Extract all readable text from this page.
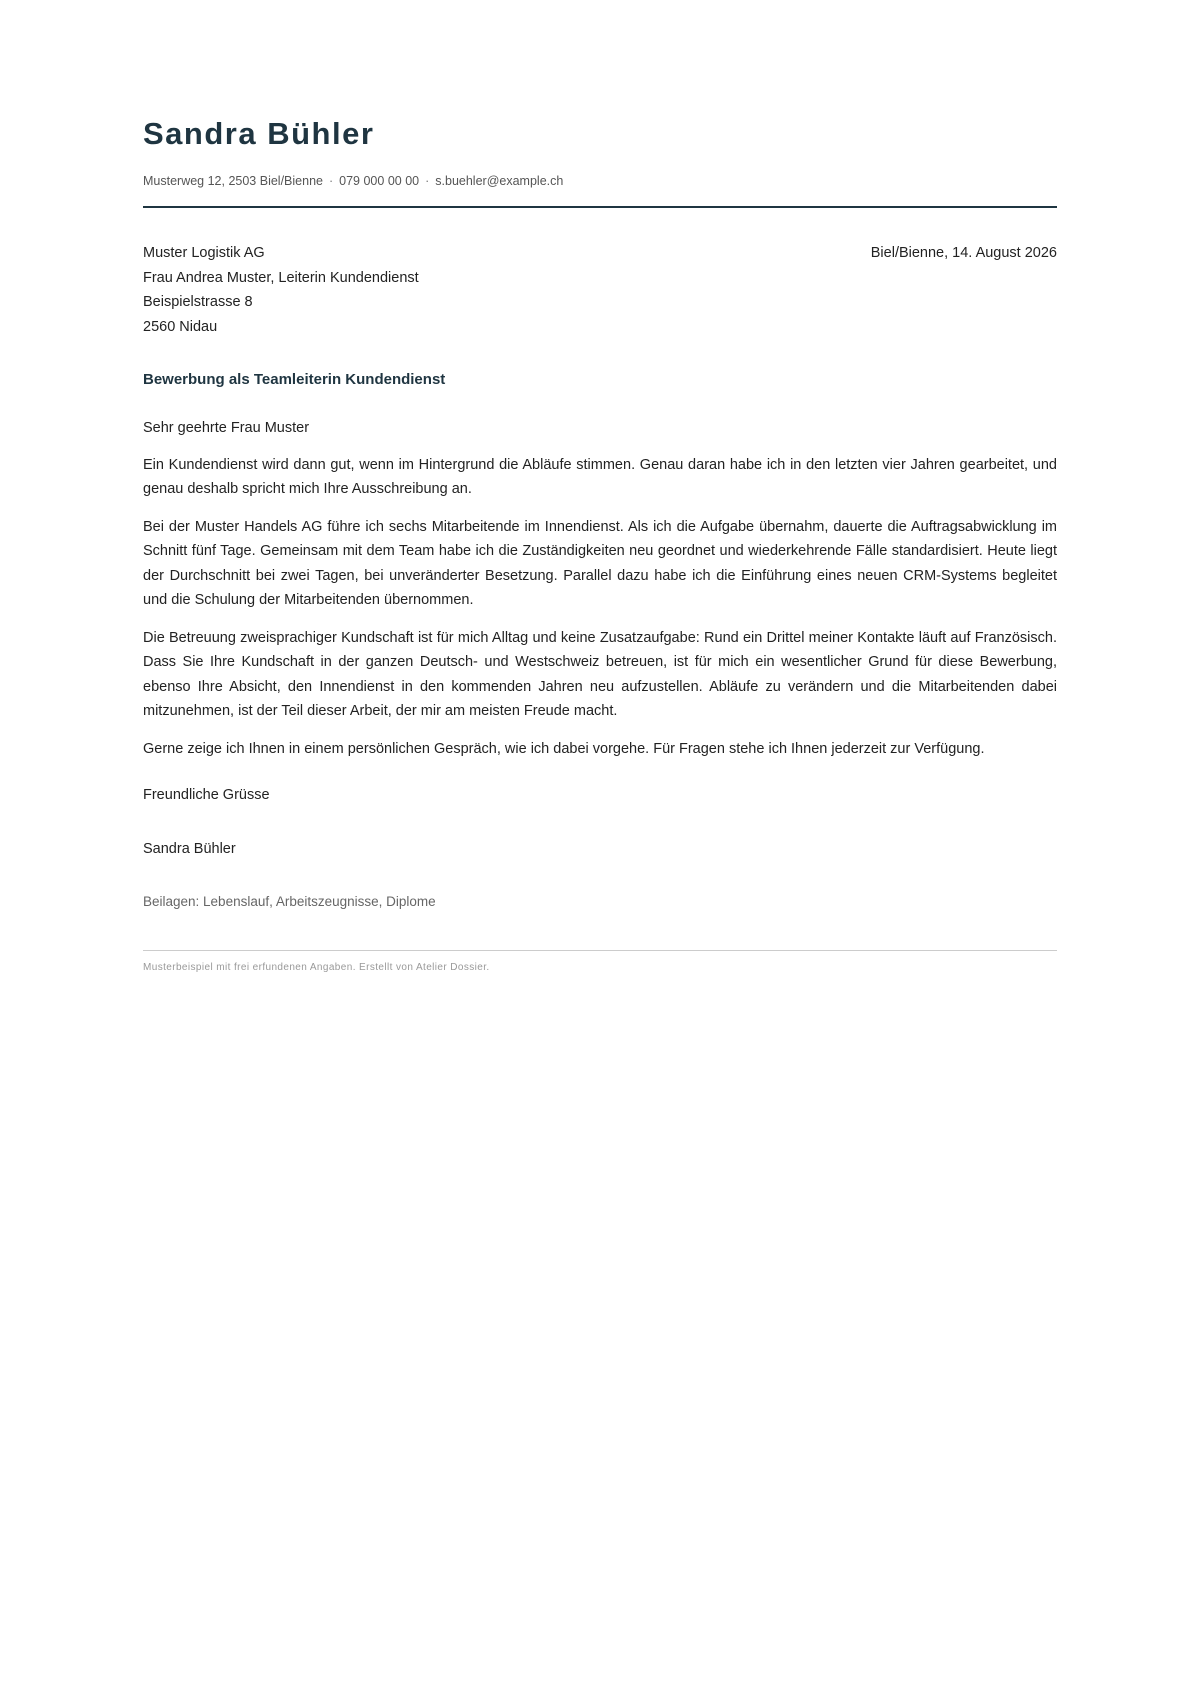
Sandra Bühler
Musterweg 12, 2503 Biel/Bienne · 079 000 00 00 · s.buehler@example.ch
Muster Logistik AG
Frau Andrea Muster, Leiterin Kundendienst
Beispielstrasse 8
2560 Nidau
Biel/Bienne, 14. August 2026
Bewerbung als Teamleiterin Kundendienst

Sehr geehrte Frau Muster

Ein Kundendienst wird dann gut, wenn im Hintergrund die Abläufe stimmen. Genau daran habe ich in den letzten vier Jahren gearbeitet, und genau deshalb spricht mich Ihre Ausschreibung an.

Bei der Muster Handels AG führe ich sechs Mitarbeitende im Innendienst. Als ich die Aufgabe übernahm, dauerte die Auftragsabwicklung im Schnitt fünf Tage. Gemeinsam mit dem Team habe ich die Zuständigkeiten neu geordnet und wiederkehrende Fälle standardisiert. Heute liegt der Durchschnitt bei zwei Tagen, bei unveränderter Besetzung. Parallel dazu habe ich die Einführung eines neuen CRM-Systems begleitet und die Schulung der Mitarbeitenden übernommen.

Die Betreuung zweisprachiger Kundschaft ist für mich Alltag und keine Zusatzaufgabe: Rund ein Drittel meiner Kontakte läuft auf Französisch. Dass Sie Ihre Kundschaft in der ganzen Deutsch- und Westschweiz betreuen, ist für mich ein wesentlicher Grund für diese Bewerbung, ebenso Ihre Absicht, den Innendienst in den kommenden Jahren neu aufzustellen. Abläufe zu verändern und die Mitarbeitenden dabei mitzunehmen, ist der Teil dieser Arbeit, der mir am meisten Freude macht.

Gerne zeige ich Ihnen in einem persönlichen Gespräch, wie ich dabei vorgehe. Für Fragen stehe ich Ihnen jederzeit zur Verfügung.

Freundliche Grüsse

Sandra Bühler

Beilagen: Lebenslauf, Arbeitszeugnisse, Diplome

Musterbeispiel mit frei erfundenen Angaben. Erstellt von Atelier Dossier.
